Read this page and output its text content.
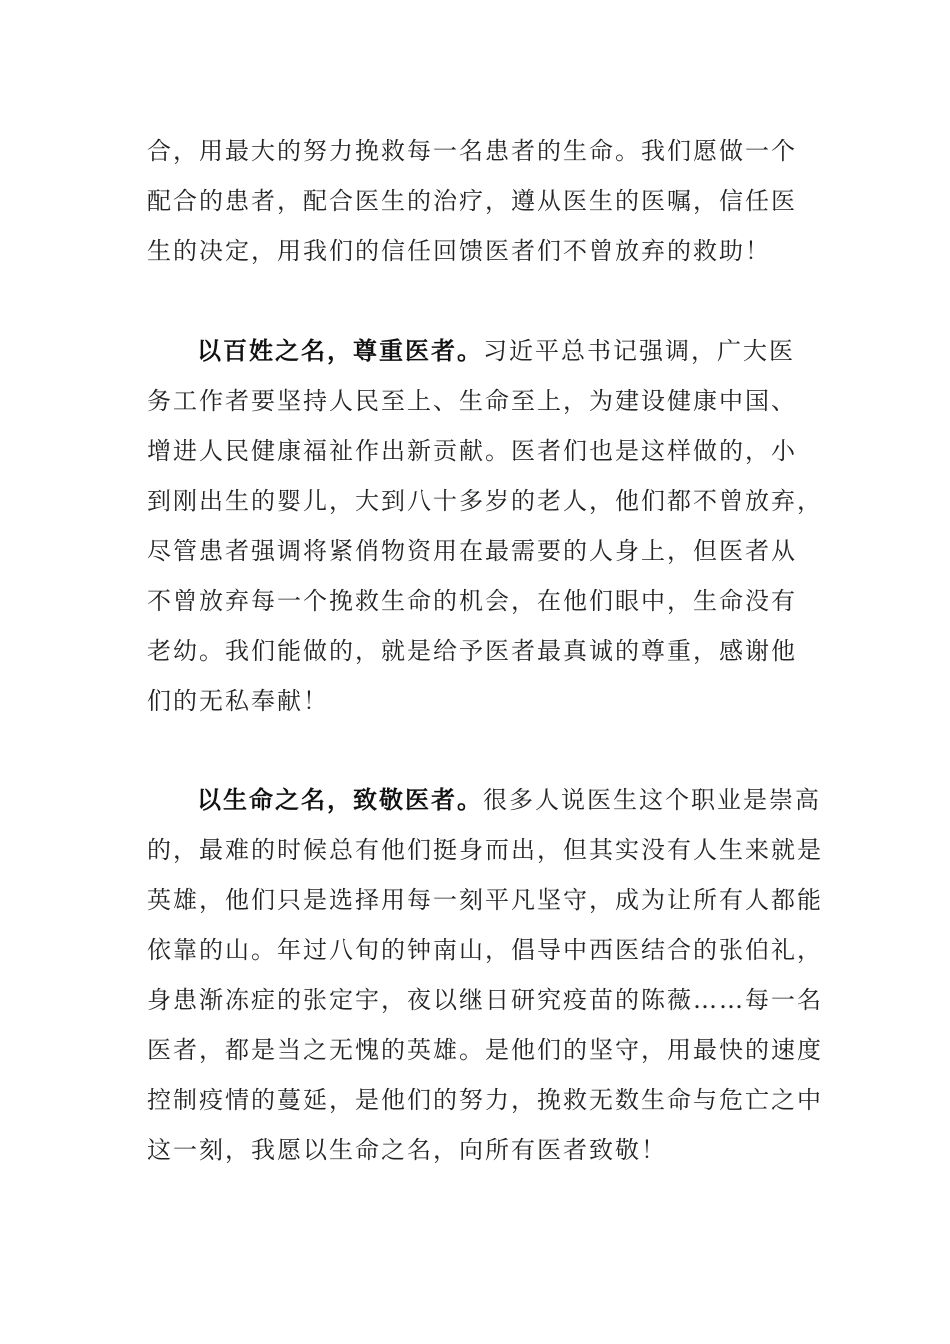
合，用最大的努力挽救每一名患者的生命。我们愿做一个
配合的患者，配合医生的治疗，遵从医生的医嘱，信任医
生的决定，用我们的信任回馈医者们不曾放弃的救助！
以百姓之名，尊重医者。习近平总书记强调，广大医
务工作者要坚持人民至上、生命至上，为建设健康中国、
增进人民健康福祉作出新贡献。医者们也是这样做的，小
到刚出生的婴儿，大到八十多岁的老人，他们都不曾放弃，
尽管患者强调将紧俏物资用在最需要的人身上，但医者从
不曾放弃每一个挽救生命的机会，在他们眼中，生命没有
老幼。我们能做的，就是给予医者最真诚的尊重，感谢他
们的无私奉献！
以生命之名，致敬医者。很多人说医生这个职业是崇高
的，最难的时候总有他们挺身而出，但其实没有人生来就是
英雄，他们只是选择用每一刻平凡坚守，成为让所有人都能
依靠的山。年过八旬的钟南山，倡导中西医结合的张伯礼，
身患渐冻症的张定宇，夜以继日研究疫苗的陈薇……每一名
医者，都是当之无愧的英雄。是他们的坚守，用最快的速度
控制疫情的蔓延，是他们的努力，挽救无数生命与危亡之中
这一刻，我愿以生命之名，向所有医者致敬！
